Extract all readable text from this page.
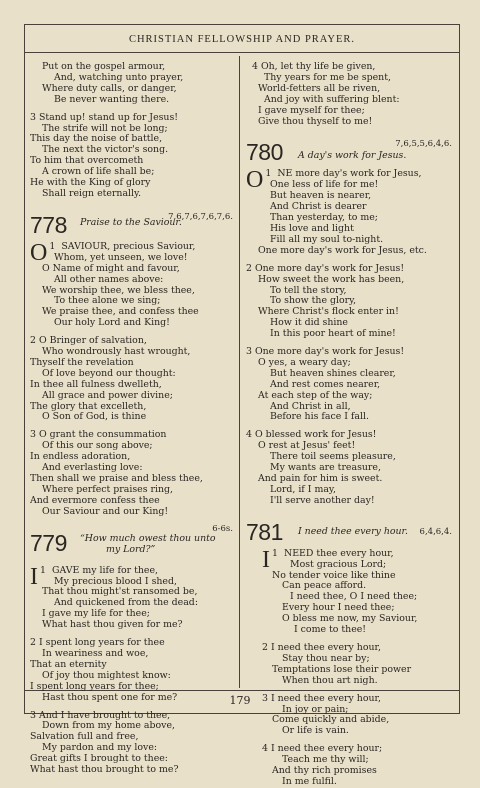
CHRISTIAN FELLOWSHIP AND PRAYER.
179
Put on the gospel armour,
And, watching unto prayer,
Where duty calls, or danger,
Be never wanting there.
3 Stand up! stand up for Jesus!
The strife will not be long;
This day the noise of battle,
The next the victor's song.
To him that overcometh
A crown of life shall be;
He with the King of glory
Shall reign eternally.
778 Praise to the Saviour.
7,6,7,6,7,6,7,6.
1
O SAVIOUR, precious Saviour,
Whom, yet unseen, we love!
O Name of might and favour,
All other names above:
We worship thee, we bless thee,
To thee alone we sing;
We praise thee, and confess thee
Our holy Lord and King!
2 O Bringer of salvation,
Who wondrously hast wrought,
Thyself the revelation
Of love beyond our thought:
In thee all fulness dwelleth,
All grace and power divine;
The glory that excelleth,
O Son of God, is thine
3 O grant the consummation
Of this our song above;
In endless adoration,
And everlasting love:
Then shall we praise and bless thee,
Where perfect praises ring,
And evermore confess thee
Our Saviour and our King!
779 “How much owest thou unto
my Lord?”
6-6s.
1
I GAVE my life for thee,
My precious blood I shed,
That thou might'st ransomed be,
And quickened from the dead:
I gave my life for thee;
What hast thou given for me?
2 I spent long years for thee
In weariness and woe,
That an eternity
Of joy thou mightest know:
I spent long years for thee;
Hast thou spent one for me?
3 And I have brought to thee,
Down from my home above,
Salvation full and free,
My pardon and my love:
Great gifts I brought to thee:
What hast thou brought to me?
4 Oh, let thy life be given,
Thy years for me be spent,
World-fetters all be riven,
And joy with suffering blent:
I gave myself for thee;
Give thou thyself to me!
780 A day's work for Jesus.
7,6,5,5,6,4,6.
1
O NE more day's work for Jesus,
One less of life for me!
But heaven is nearer,
And Christ is dearer
Than yesterday, to me;
His love and light
Fill all my soul to-night.
One more day's work for Jesus, etc.
2 One more day's work for Jesus!
How sweet the work has been,
To tell the story,
To show the glory,
Where Christ's flock enter in!
How it did shine
In this poor heart of mine!
3 One more day's work for Jesus!
O yes, a weary day;
But heaven shines clearer,
And rest comes nearer,
At each step of the way;
And Christ in all,
Before his face I fall.
4 O blessed work for Jesus!
O rest at Jesus' feet!
There toil seems pleasure,
My wants are treasure,
And pain for him is sweet.
Lord, if I may,
I'll serve another day!
781 I need thee every hour. 6,4,6,4.
1
I NEED thee every hour,
Most gracious Lord;
No tender voice like thine
Can peace afford.
I need thee, O I need thee;
Every hour I need thee;
O bless me now, my Saviour,
I come to thee!
2 I need thee every hour,
Stay thou near by;
Temptations lose their power
When thou art nigh.
3 I need thee every hour,
In joy or pain;
Come quickly and abide,
Or life is vain.
4 I need thee every hour;
Teach me thy will;
And thy rich promises
In me fulfil.
